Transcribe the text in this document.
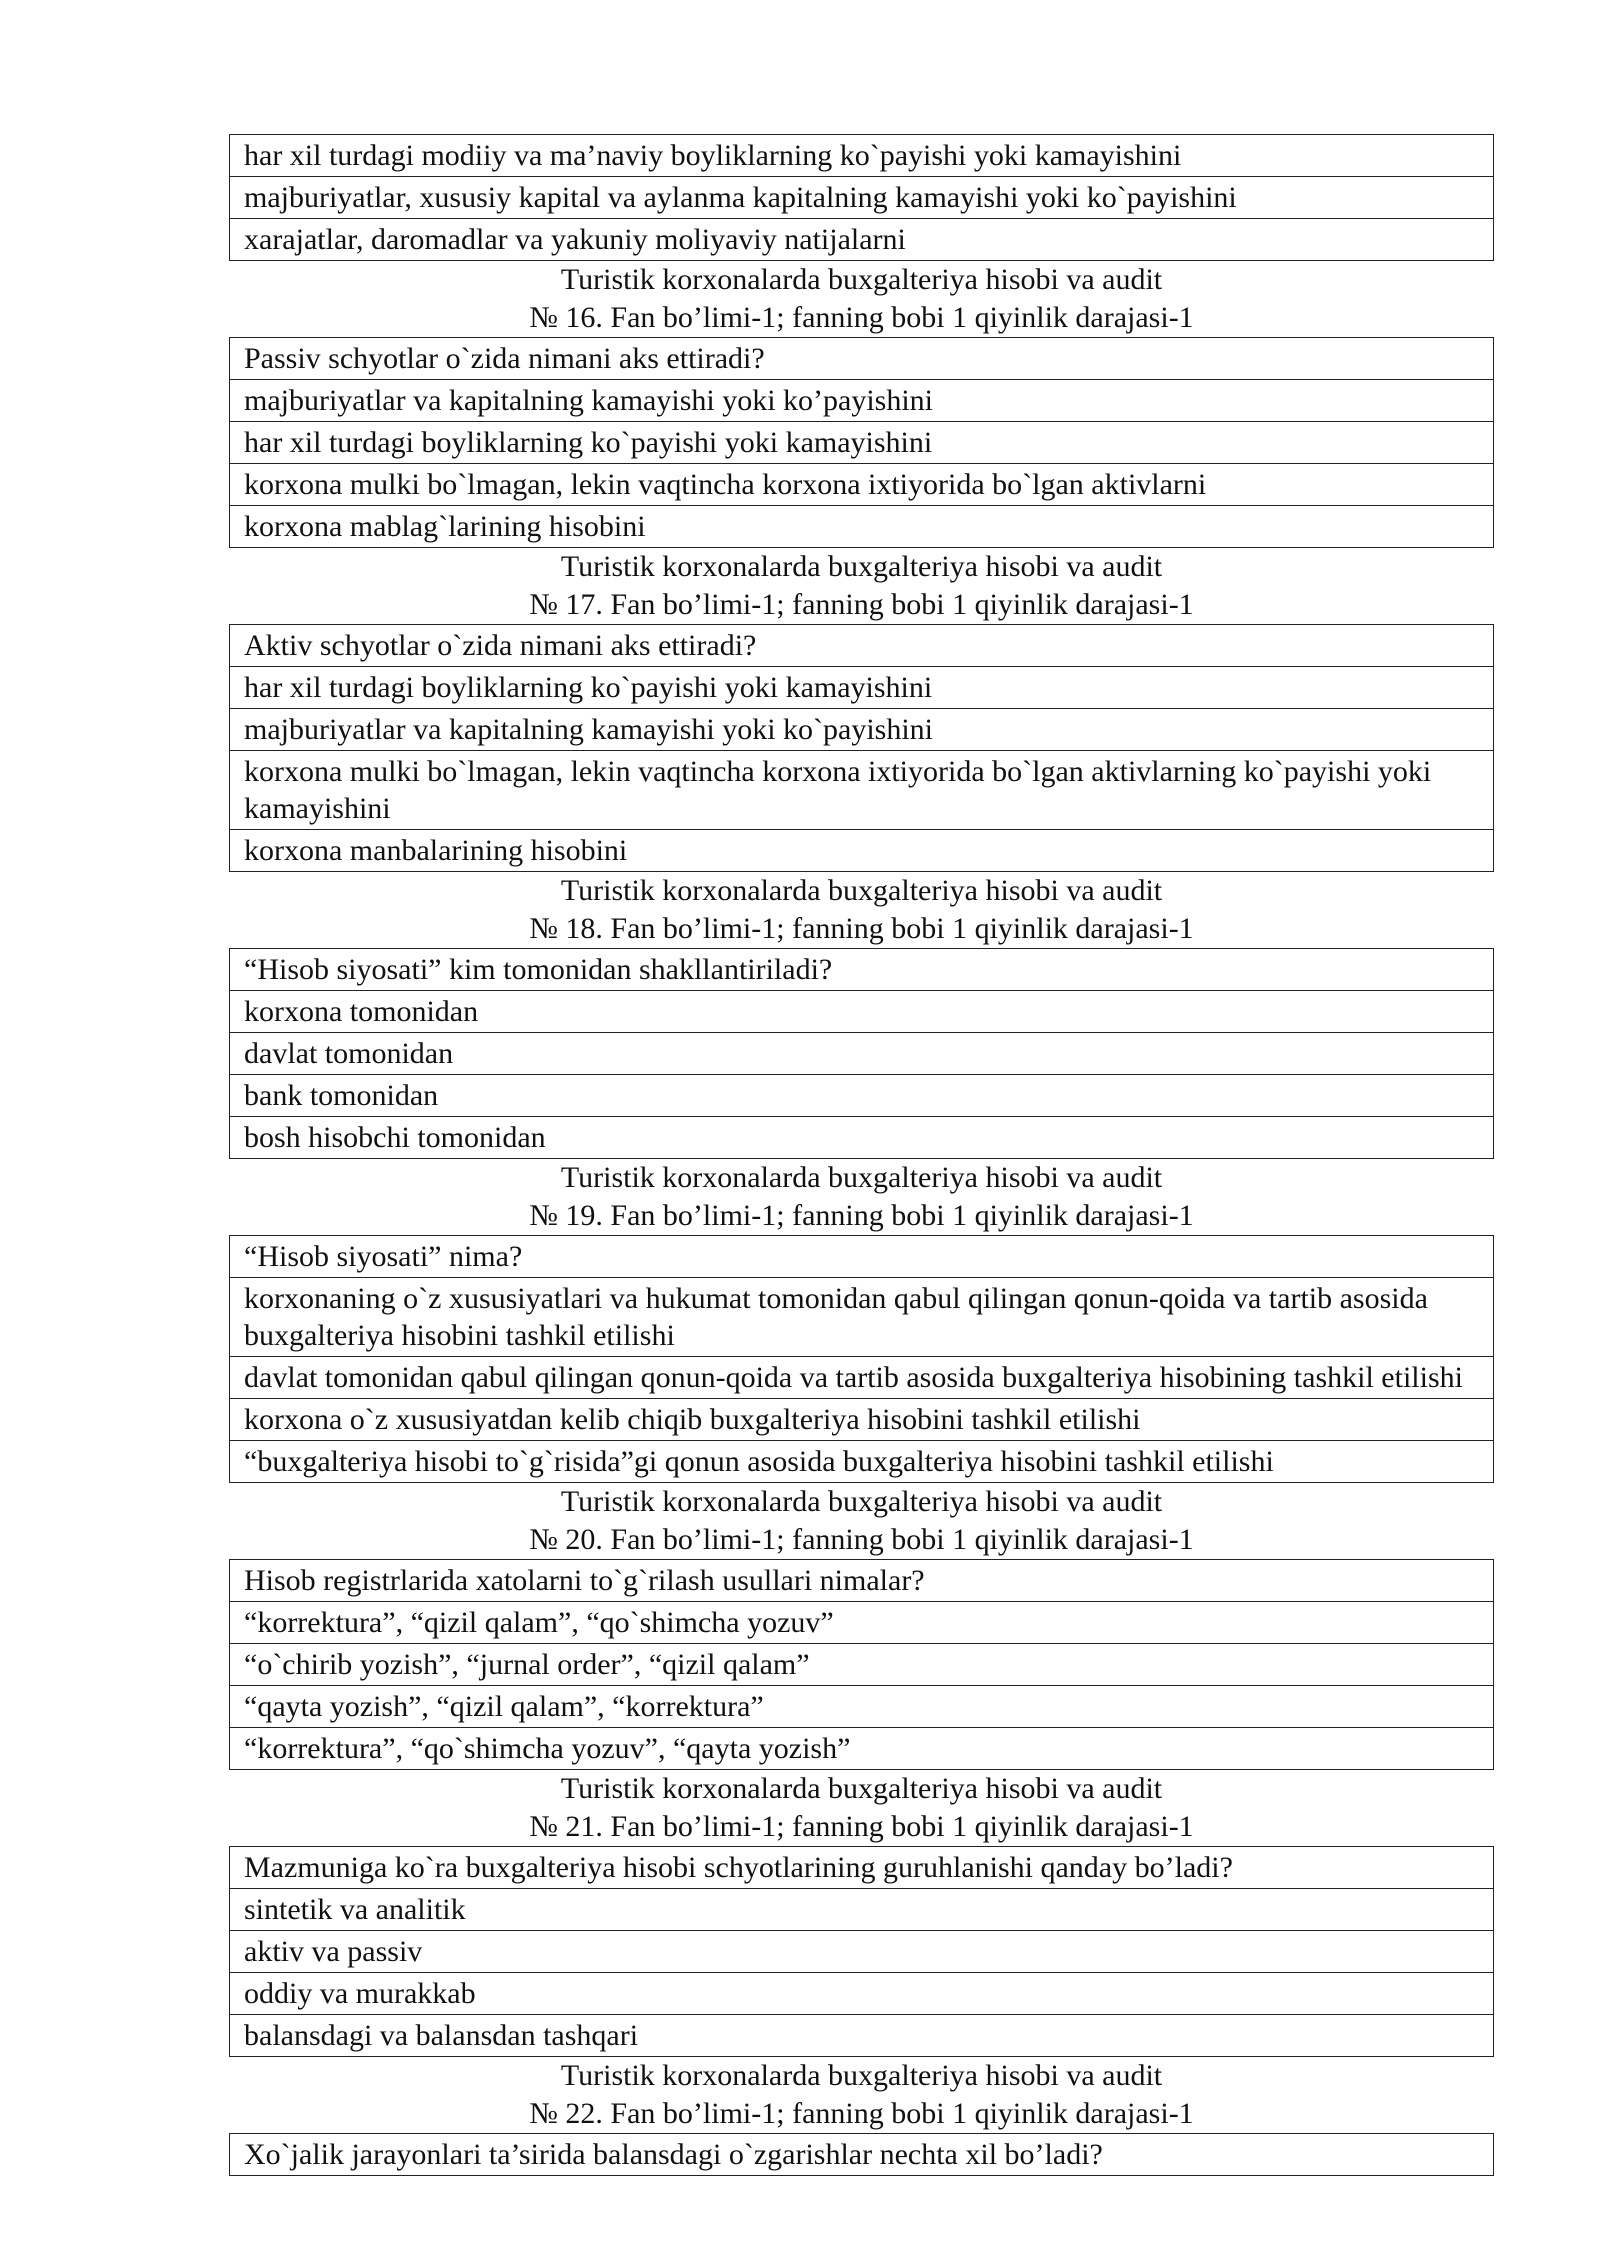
har xil turdagi modiiy va ma’naviy boyliklarning ko`payishi yoki kamayishini
majburiyatlar, xususiy kapital va aylanma kapitalning kamayishi yoki ko`payishini
xarajatlar, daromadlar va yakuniy moliyaviy natijalarni
Turistik korxonalarda buxgalteriya hisobi va audit
№ 16. Fan bo’limi-1; fanning bobi 1 qiyinlik darajasi-1
Passiv schyotlar o`zida nimani aks ettiradi?
majburiyatlar va kapitalning kamayishi yoki ko’payishini
har xil turdagi boyliklarning ko`payishi yoki kamayishini
korxona mulki bo`lmagan, lekin vaqtincha korxona ixtiyorida bo`lgan aktivlarni
korxona mablag`larining hisobini
Turistik korxonalarda buxgalteriya hisobi va audit
№ 17. Fan bo’limi-1; fanning bobi 1 qiyinlik darajasi-1
Aktiv schyotlar o`zida nimani aks ettiradi?
har xil turdagi boyliklarning ko`payishi yoki kamayishini
majburiyatlar va kapitalning kamayishi yoki ko`payishini
korxona mulki bo`lmagan, lekin vaqtincha korxona ixtiyorida bo`lgan aktivlarning ko`payishi yoki kamayishini
korxona manbalarining hisobini
Turistik korxonalarda buxgalteriya hisobi va audit
№ 18. Fan bo’limi-1; fanning bobi 1 qiyinlik darajasi-1
“Hisob siyosati” kim tomonidan shakllantiriladi?
korxona tomonidan
davlat tomonidan
bank tomonidan
bosh hisobchi tomonidan
Turistik korxonalarda buxgalteriya hisobi va audit
№ 19. Fan bo’limi-1; fanning bobi 1 qiyinlik darajasi-1
“Hisob siyosati” nima?
korxonaning o`z xususiyatlari va hukumat tomonidan qabul qilingan qonun-qoida va tartib asosida buxgalteriya hisobini tashkil etilishi
davlat tomonidan qabul qilingan qonun-qoida va tartib asosida buxgalteriya hisobining tashkil etilishi
korxona o`z xususiyatdan kelib chiqib buxgalteriya hisobini tashkil etilishi
“buxgalteriya hisobi to`g`risida”gi qonun asosida buxgalteriya hisobini tashkil etilishi
Turistik korxonalarda buxgalteriya hisobi va audit
№ 20. Fan bo’limi-1; fanning bobi 1 qiyinlik darajasi-1
Hisob registrlarida xatolarni to`g`rilash usullari nimalar?
“korrektura”, “qizil qalam”, “qo`shimcha yozuv”
“o`chirib yozish”, “jurnal order”, “qizil qalam”
“qayta yozish”, “qizil qalam”, “korrektura”
“korrektura”, “qo`shimcha yozuv”, “qayta yozish”
Turistik korxonalarda buxgalteriya hisobi va audit
№ 21. Fan bo’limi-1; fanning bobi 1 qiyinlik darajasi-1
Mazmuniga ko`ra buxgalteriya hisobi schyotlarining guruhlanishi qanday bo’ladi?
sintetik va analitik
aktiv va passiv
oddiy va murakkab
balansdagi va balansdan tashqari
Turistik korxonalarda buxgalteriya hisobi va audit
№ 22. Fan bo’limi-1; fanning bobi 1 qiyinlik darajasi-1
Xo`jalik jarayonlari ta’sirida balansdagi o`zgarishlar nechta xil bo’ladi?
